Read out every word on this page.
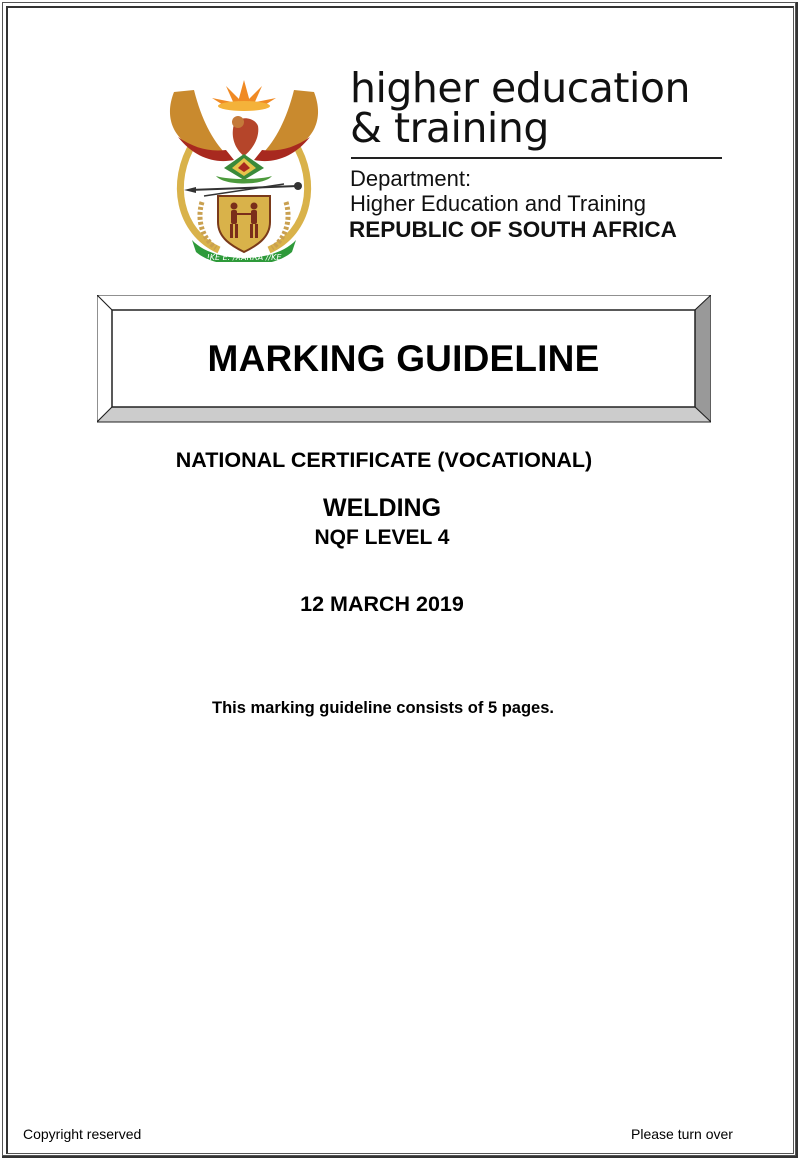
!KE E: /XARRA //KE
higher education
& training
Department:
Higher Education and Training
REPUBLIC OF SOUTH AFRICA
MARKING GUIDELINE
NATIONAL CERTIFICATE (VOCATIONAL)
WELDING
NQF LEVEL 4
12 MARCH 2019
This marking guideline consists of 5 pages.
Copyright reserved	Please turn over
